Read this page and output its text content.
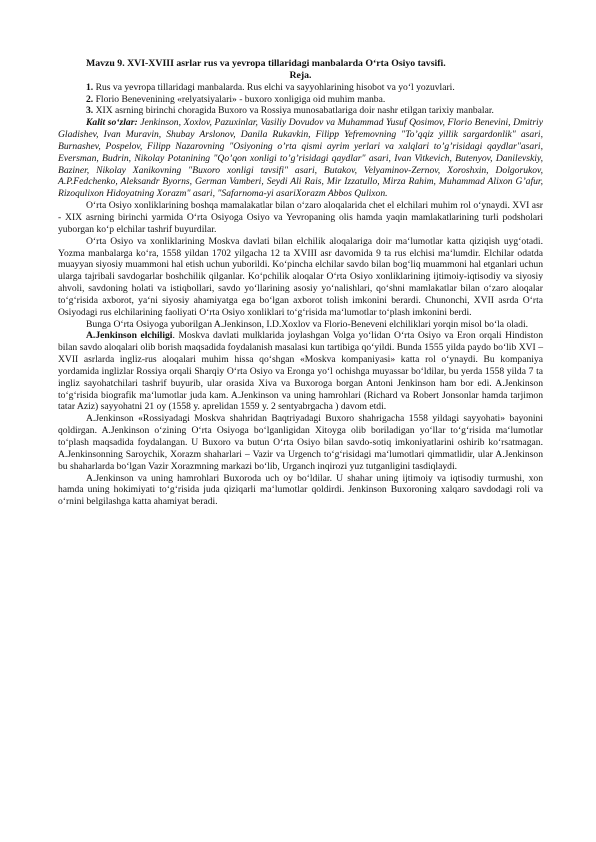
Mavzu 9. XVI-XVIII asrlar rus va yevropa tillaridagi manbalarda O‘rta Osiyo tavsifi.

Reja.

1. Rus va yevropa tillaridagi manbalarda. Rus elchi va sayyohlarining hisobot va yo‘l yozuvlari.

2. Florio Benevenining «relyatsiyalari» - buxoro xonligiga oid muhim manba.

3. XIX asrning birinchi choragida Buxoro va Rossiya munosabatlariga doir nashr etilgan tarixiy manbalar.

Kalit so‘zlar: Jenkinson, Xoxlov, Pazuxinlar, Vasiliy Dovudov va Muhammad Yusuf Qosimov, Florio Benevini, Dmitriy Gladishev, Ivan Muravin, Shubay Arslonov, Danila Rukavkin, Filipp Yefremovning "To’qqiz yillik sargardonlik" asari, Burnashev, Pospelov, Filipp Nazarovning "Osiyoning o’rta qismi ayrim yerlari va xalqlari to’g’risidagi qaydlar"asari, Eversman, Budrin, Nikolay Potanining "Qo’qon xonligi to’g’risidagi qaydlar" asari, Ivan Vitkevich, Butenyov, Danilevskiy, Baziner, Nikolay Xanikovning "Buxoro xonligi tavsifi" asari, Butakov, Velyaminov-Zernov, Xoroshxin, Dolgorukov, A.P.Fedchenko, Aleksandr Byorns, German Vamberi, Seydi Ali Rais, Mir Izzatullo, Mirza Rahim, Muhammad Alixon G’afur, Rizoqulixon Hidoyatning Xorazm" asari, "Safarnoma-yi asariXorazm Abbos Qulixon.

O‘rta Osiyo xonliklarining boshqa mamalakatlar bilan o‘zaro aloqalarida chet el elchilari muhim rol o‘ynaydi. XVI asr - XIX asrning birinchi yarmida O‘rta Osiyoga Osiyo va Yevropaning olis hamda yaqin mamlakatlarining turli podsholari yuborgan ko‘p elchilar tashrif buyurdilar.

O‘rta Osiyo va xonliklarining Moskva davlati bilan elchilik aloqalariga doir ma‘lumotlar katta qiziqish uyg‘otadi. Yozma manbalarga ko‘ra, 1558 yildan 1702 yilgacha 12 ta XVIII asr davomida 9 ta rus elchisi ma‘lumdir. Elchilar odatda muayyan siyosiy muammoni hal etish uchun yuborildi. Ko‘pincha elchilar savdo bilan bog‘liq muammoni hal etganlari uchun ularga tajribali savdogarlar boshchilik qilganlar. Ko‘pchilik aloqalar O‘rta Osiyo xonliklarining ijtimoiy-iqtisodiy va siyosiy ahvoli, savdoning holati va istiqbollari, savdo yo‘llarining asosiy yo‘nalishlari, qo‘shni mamlakatlar bilan o‘zaro aloqalar to‘g‘risida axborot, ya‘ni siyosiy ahamiyatga ega bo‘lgan axborot tolish imkonini berardi. Chunonchi, XVII asrda O‘rta Osiyodagi rus elchilarining faoliyati O‘rta Osiyo xonliklari to‘g‘risida ma‘lumotlar to‘plash imkonini berdi.

Bunga O‘rta Osiyoga yuborilgan A.Jenkinson, I.D.Xoxlov va Florio-Beneveni elchiliklari yorqin misol bo‘la oladi.

A.Jenkinson elchiligi. Moskva davlati mulklarida joylashgan Volga yo‘lidan O‘rta Osiyo va Eron orqali Hindiston bilan savdo aloqalari olib borish maqsadida foydalanish masalasi kun tartibiga qo‘yildi. Bunda 1555 yilda paydo bo‘lib XVI – XVII asrlarda ingliz-rus aloqalari muhim hissa qo‘shgan «Moskva kompaniyasi» katta rol o‘ynaydi. Bu kompaniya yordamida inglizlar Rossiya orqali Sharqiy O‘rta Osiyo va Eronga yo‘l ochishga muyassar bo‘ldilar, bu yerda 1558 yilda 7 ta ingliz sayohatchilari tashrif buyurib, ular orasida Xiva va Buxoroga borgan Antoni Jenkinson ham bor edi. A.Jenkinson to‘g‘risida biografik ma‘lumotlar juda kam. A.Jenkinson va uning hamrohlari (Richard va Robert Jonsonlar hamda tarjimon tatar Aziz) sayyohatni 21 oy (1558 y. aprelidan 1559 y. 2 sentyabrgacha ) davom etdi.

A.Jenkinson «Rossiyadagi Moskva shahridan Baqtriyadagi Buxoro shahrigacha 1558 yildagi sayyohati» bayonini qoldirgan. A.Jenkinson o‘zining O‘rta Osiyoga bo‘lganligidan Xitoyga olib boriladigan yo‘llar to‘g‘risida ma‘lumotlar to‘plash maqsadida foydalangan. U Buxoro va butun O‘rta Osiyo bilan savdo-sotiq imkoniyatlarini oshirib ko‘rsatmagan. A.Jenkinsonning Saroychik, Xorazm shaharlari – Vazir va Urgench to‘g‘risidagi ma‘lumotlari qimmatlidir, ular A.Jenkinson bu shaharlarda bo‘lgan Vazir Xorazmning markazi bo‘lib, Urganch inqirozi yuz tutganligini tasdiqlaydi.

A.Jenkinson va uning hamrohlari Buxoroda uch oy bo‘ldilar. U shahar uning ijtimoiy va iqtisodiy turmushi, xon hamda uning hokimiyati to‘g‘risida juda qiziqarli ma‘lumotlar qoldirdi. Jenkinson Buxoroning xalqaro savdodagi roli va o‘rnini belgilashga katta ahamiyat beradi.
